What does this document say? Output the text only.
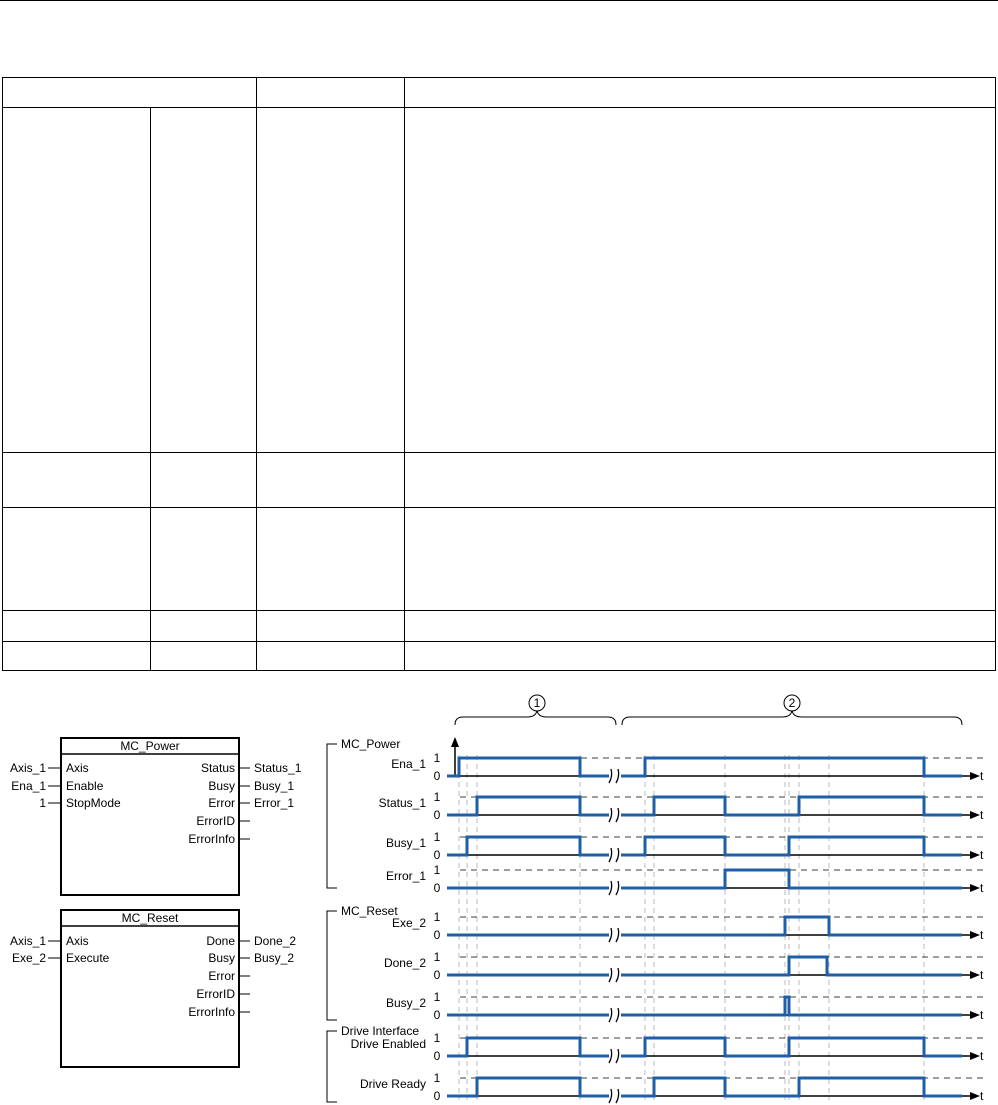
MC_Power
Axis_1 Axis
Ena_1 Enable
1 StopMode
Status Status_1
Busy Busy_1
Error Error_1
ErrorID
ErrorInfo
MC_Reset
Axis_1 Axis
Exe_2 Execute
Done Done_2
Busy Busy_2
Error
ErrorID
ErrorInfo
1	2
MC_Power
MC_Reset
Drive Interface
Ena_1 1
0	t
Status_1 1
0	t
Busy_1 1
0	t
Error_1 1
0	t
Exe_2 1
0	t
Done_2 1
0	t
Busy_2 1
0	t
Drive Enabled 1
0	t
Drive Ready 1
0	t
